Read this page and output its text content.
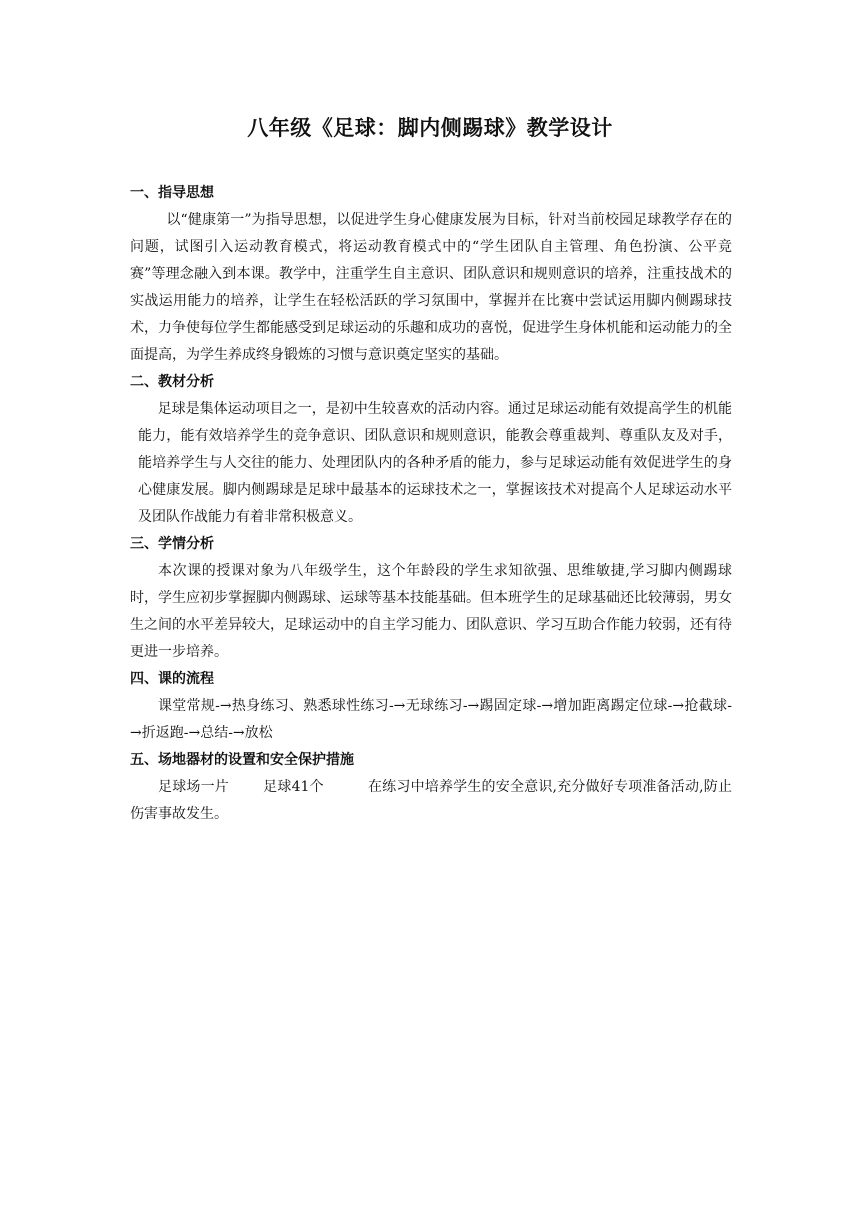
八年级《足球：脚内侧踢球》教学设计

一、指导思想

以“健康第一”为指导思想，以促进学生身心健康发展为目标，针对当前校园足球教学存在的问题，试图引入运动教育模式，将运动教育模式中的“学生团队自主管理、角色扮演、公平竞赛”等理念融入到本课。教学中，注重学生自主意识、团队意识和规则意识的培养，注重技战术的实战运用能力的培养，让学生在轻松活跃的学习氛围中，掌握并在比赛中尝试运用脚内侧踢球技术，力争使每位学生都能感受到足球运动的乐趣和成功的喜悦，促进学生身体机能和运动能力的全面提高，为学生养成终身锻炼的习惯与意识奠定坚实的基础。

二、教材分析

足球是集体运动项目之一，是初中生较喜欢的活动内容。通过足球运动能有效提高学生的机能能力，能有效培养学生的竞争意识、团队意识和规则意识，能教会尊重裁判、尊重队友及对手，能培养学生与人交往的能力、处理团队内的各种矛盾的能力，参与足球运动能有效促进学生的身心健康发展。脚内侧踢球是足球中最基本的运球技术之一，掌握该技术对提高个人足球运动水平及团队作战能力有着非常积极意义。

三、学情分析

本次课的授课对象为八年级学生，这个年龄段的学生求知欲强、思维敏捷,学习脚内侧踢球时，学生应初步掌握脚内侧踢球、运球等基本技能基础。但本班学生的足球基础还比较薄弱，男女生之间的水平差异较大，足球运动中的自主学习能力、团队意识、学习互助合作能力较弱，还有待更进一步培养。

四、课的流程

课堂常规-→热身练习、熟悉球性练习-→无球练习-→踢固定球-→增加距离踢定位球-→抢截球-→折返跑-→总结-→放松

五、场地器材的设置和安全保护措施

足球场一片 足球41个	在练习中培养学生的安全意识,充分做好专项准备活动,防止伤害事故发生。
